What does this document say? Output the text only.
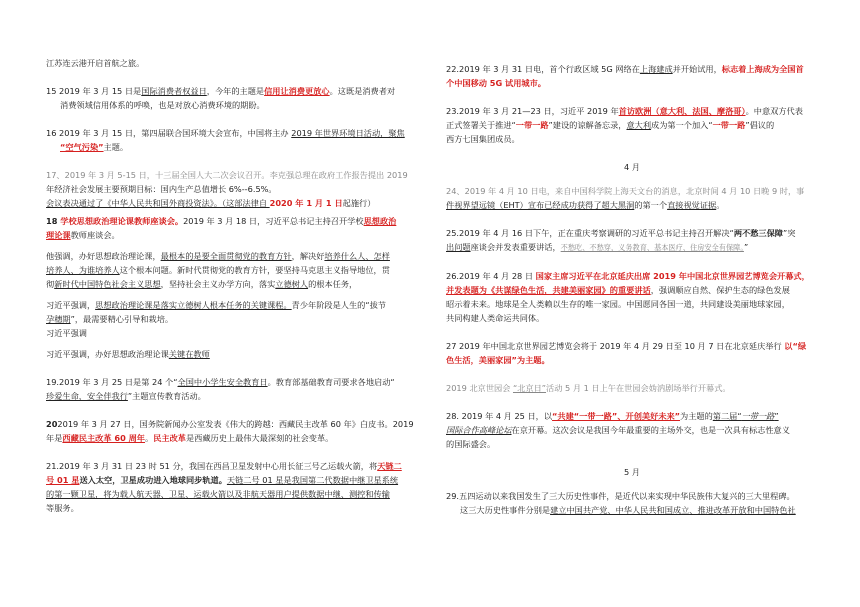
江苏连云港开启首航之旅。

15 2019 年 3 月 15 日是国际消费者权益日，今年的主题是信用让消费更放心。这既是消费者对

消费领域信用体系的呼唤，也是对放心消费环境的期盼。

16 2019 年 3 月 15 日，第四届联合国环境大会宣布，中国将主办 2019 年世界环境日活动，聚焦

“空气污染”主题。

17、2019 年 3 月 5-15 日，十三届全国人大二次会议召开。李克强总理在政府工作报告提出 2019

年经济社会发展主要预期目标：国内生产总值增长 6%--6.5%。

会议表决通过了《中华人民共和国外商投资法》。（这部法律自 2020 年 1 月 1 日起施行）

18 学校思想政治理论课教师座谈会。2019 年 3 月 18 日，习近平总书记主持召开学校思想政治

理论课教师座谈会。

他强调，办好思想政治理论课，最根本的是要全面贯彻党的教育方针，解决好培养什么人、怎样

培养人、为谁培养人这个根本问题。新时代贯彻党的教育方针，要坚持马克思主义指导地位，贯

彻新时代中国特色社会主义思想，坚持社会主义办学方向，落实立德树人的根本任务，

习近平强调，思想政治理论课是落实立德树人根本任务的关键课程。青少年阶段是人生的“拔节

孕穗期”，最需要精心引导和栽培。

习近平强调

习近平强调，办好思想政治理论课关键在教师

19.2019 年 3 月 25 日是第 24 个“全国中小学生安全教育日。教育部基础教育司要求各地启动“

珍爱生命，安全伴我行”主题宣传教育活动。

202019 年 3 月 27 日，国务院新闻办公室发表《伟大的跨越：西藏民主改革 60 年》白皮书。2019

年是西藏民主改革 60 周年。民主改革是西藏历史上最伟大最深刻的社会变革。

21.2019 年 3 月 31 日 23 时 51 分，我国在西昌卫星发射中心用长征三号乙运载火箭，将天链二

号 01 星送入太空，卫星成功进入地球同步轨道。天链二号 01 星是我国第二代数据中继卫星系统

的第一颗卫星，将为载人航天器、卫星、运载火箭以及非航天器用户提供数据中继、测控和传输

等服务。

22.2019 年 3 月 31 日电，首个行政区域 5G 网络在上海建成并开始试用，标志着上海成为全国首

个中国移动 5G 试用城市。

23.2019 年 3 月 21—23 日，习近平 2019 年首访欧洲（意大利、法国、摩洛哥）。中意双方代表

正式签署关于推进“一带一路”建设的谅解备忘录，意大利成为第一个加入“一带一路”倡议的

西方七国集团成员。

4 月

24、2019 年 4 月 10 日电，来自中国科学院上海天文台的消息，北京时间 4 月 10 日晚 9 时，事

件视界望远镜（EHT）宣布已经成功获得了超大黑洞的第一个直接视觉证据。

25.2019 年 4 月 16 日下午，正在重庆考察调研的习近平总书记主持召开解决“两不愁三保障”突

出问题座谈会并发表重要讲话，不愁吃、不愁穿，义务教育、基本医疗、住房安全有保障。”

26.2019 年 4 月 28 日 国家主席习近平在北京延庆出席 2019 年中国北京世界园艺博览会开幕式，

并发表题为《共谋绿色生活，共建美丽家园》的重要讲话，强调顺应自然、保护生态的绿色发展

昭示着未来。地球是全人类赖以生存的唯一家园。中国愿同各国一道，共同建设美丽地球家园，

共同构建人类命运共同体。

27 2019 年中国北京世界园艺博览会将于 2019 年 4 月 29 日至 10 月 7 日在北京延庆举行 以“绿

色生活，美丽家园”为主题。

2019 北京世园会 “北京日”活动 5 月 1 日上午在世园会妫汭剧场举行开幕式。

28. 2019 年 4 月 25 日，以“共建“一带一路”、开创美好未来”为主题的第二届“一带一路”

国际合作高峰论坛在京开幕。这次会议是我国今年最重要的主场外交，也是一次具有标志性意义

的国际盛会。

5 月

29.五四运动以来我国发生了三大历史性事件，是近代以来实现中华民族伟大复兴的三大里程碑。

这三大历史性事件分别是建立中国共产党、中华人民共和国成立、推进改革开放和中国特色社
